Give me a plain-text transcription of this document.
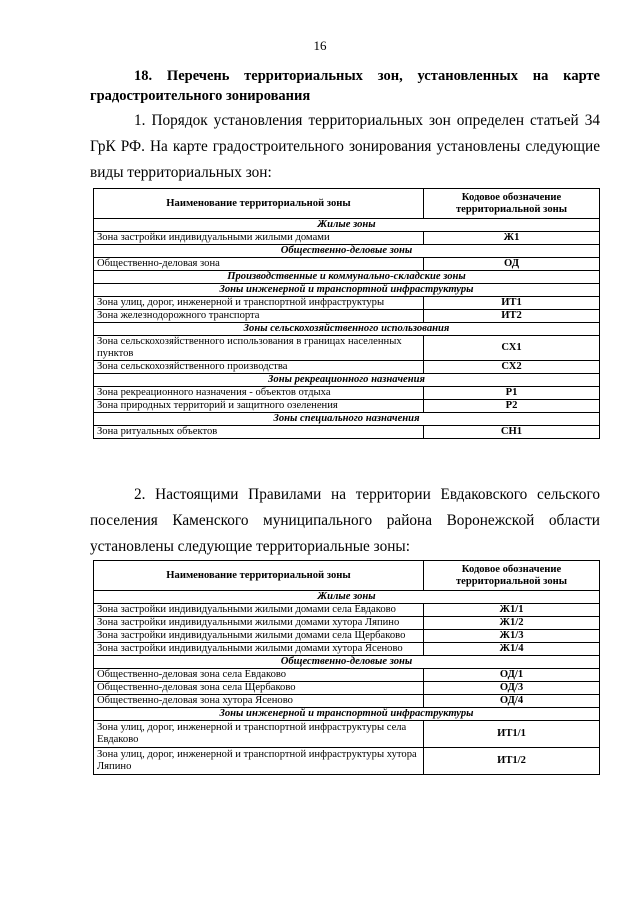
16
18. Перечень территориальных зон, установленных на карте градостроительного зонирования
1. Порядок установления территориальных зон определен статьей 34 ГрК РФ. На карте градостроительного зонирования установлены следующие виды территориальных зон:
Наименование территориальной зоны	Кодовое обозначение территориальной зоны
Жилые зоны	
Зона застройки индивидуальными жилыми домами	Ж1
Общественно-деловые зоны	
Общественно-деловая зона	ОД
Производственные и коммунально-складские зоны	
Зоны инженерной и транспортной инфраструктуры	
Зона улиц, дорог, инженерной и транспортной инфраструктуры	ИТ1
Зона железнодорожного транспорта	ИТ2
Зоны сельскохозяйственного использования	
Зона сельскохозяйственного использования в границах населенных пунктов	СХ1
Зона сельскохозяйственного производства	СХ2
Зоны рекреационного назначения	
Зона рекреационного назначения - объектов отдыха	Р1
Зона природных территорий и защитного озеленения	Р2
Зоны специального назначения	
Зона ритуальных объектов	СН1
2. Настоящими Правилами на территории Евдаковского сельского поселения Каменского муниципального района Воронежской области установлены следующие территориальные зоны:
Наименование территориальной зоны	Кодовое обозначение территориальной зоны
Жилые зоны	
Зона застройки индивидуальными жилыми домами села Евдаково	Ж1/1
Зона застройки индивидуальными жилыми домами хутора Ляпино	Ж1/2
Зона застройки индивидуальными жилыми домами села Щербаково	Ж1/3
Зона застройки индивидуальными жилыми домами хутора Ясеново	Ж1/4
Общественно-деловые зоны	
Общественно-деловая зона села Евдаково	ОД/1
Общественно-деловая зона села Щербаково	ОД/3
Общественно-деловая зона хутора Ясеново	ОД/4
Зоны инженерной и транспортной инфраструктуры	
Зона улиц, дорог, инженерной и транспортной инфраструктуры села Евдаково	ИТ1/1
Зона улиц, дорог, инженерной и транспортной инфраструктуры хутора Ляпино	ИТ1/2
